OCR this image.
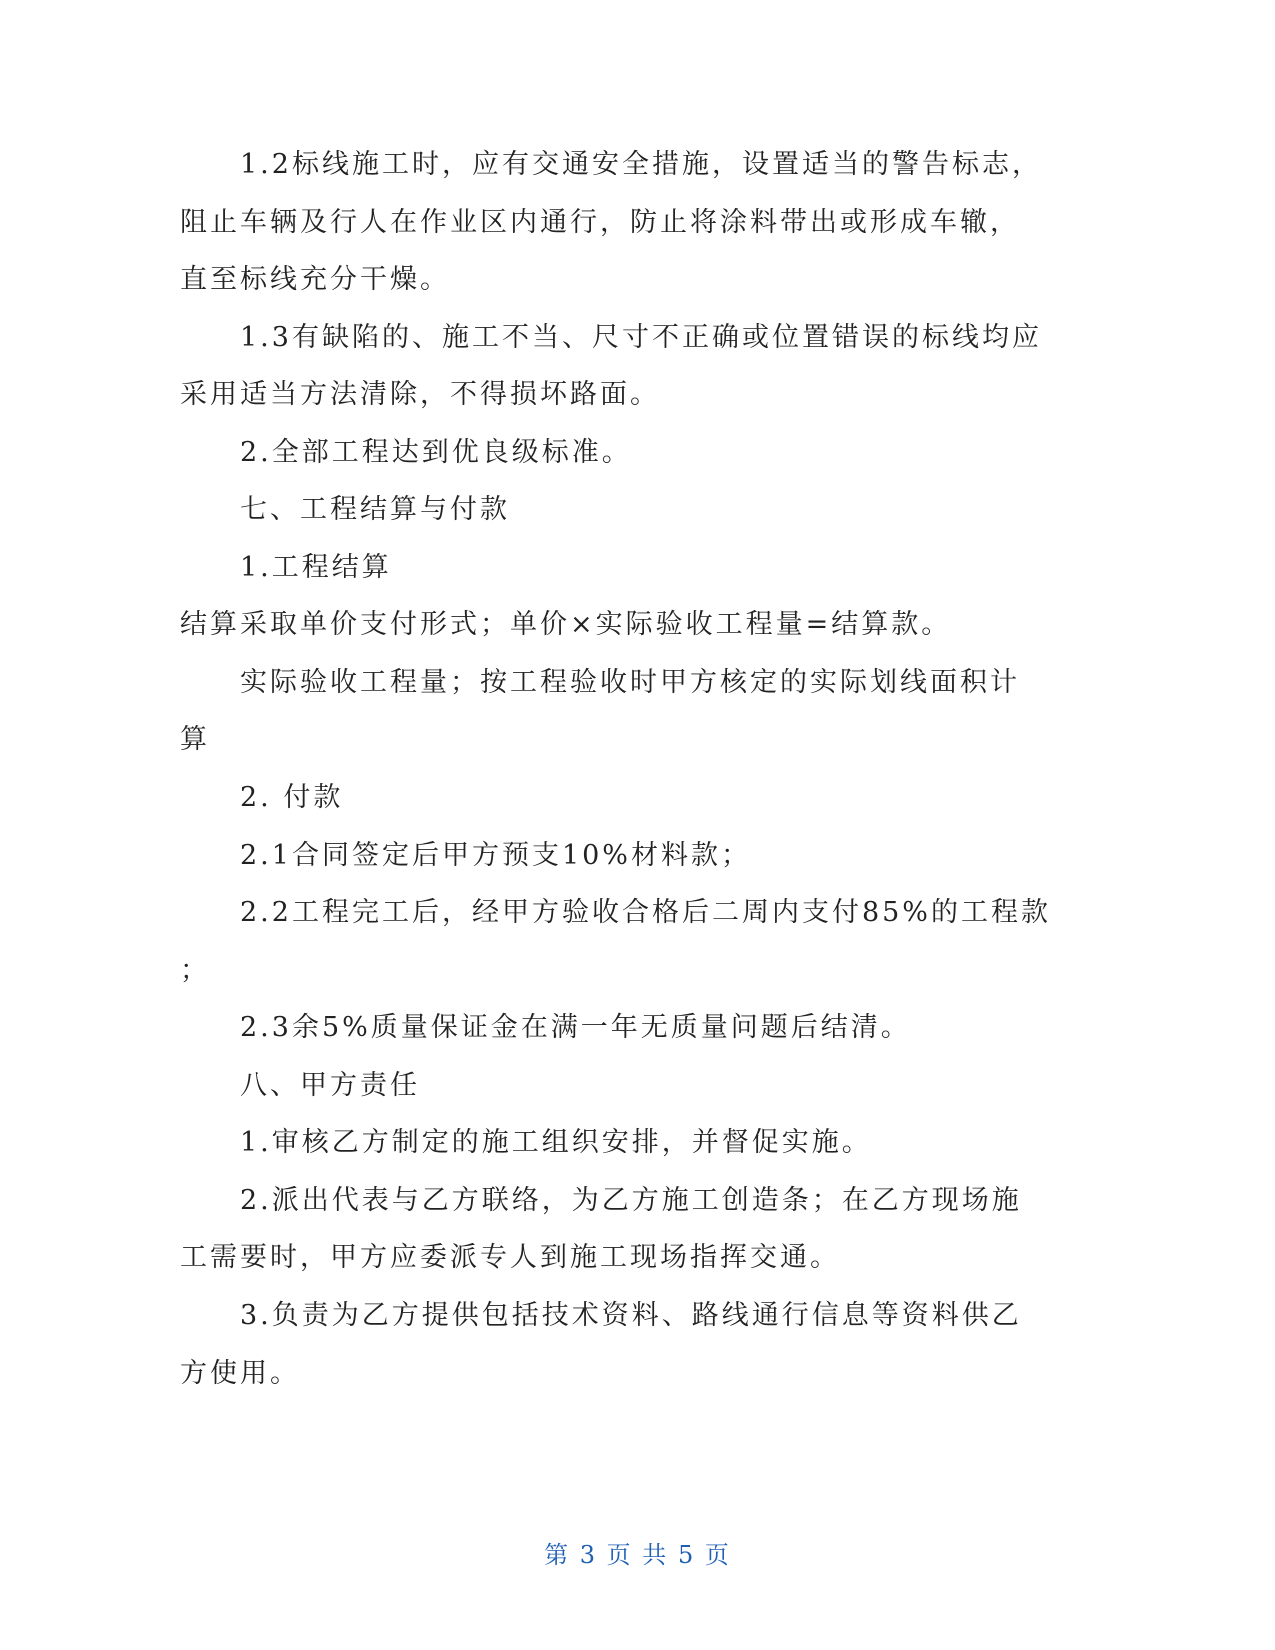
1.2标线施工时，应有交通安全措施，设置适当的警告标志，
阻止车辆及行人在作业区内通行，防止将涂料带出或形成车辙，
直至标线充分干燥。
1.3有缺陷的、施工不当、尺寸不正确或位置错误的标线均应
采用适当方法清除，不得损坏路面。
2.全部工程达到优良级标准。
七、工程结算与付款
1.工程结算
结算采取单价支付形式；单价×实际验收工程量=结算款。
实际验收工程量；按工程验收时甲方核定的实际划线面积计
算
2. 付款
2.1合同签定后甲方预支10%材料款；
2.2工程完工后，经甲方验收合格后二周内支付85%的工程款
；
2.3余5%质量保证金在满一年无质量问题后结清。
八、甲方责任
1.审核乙方制定的施工组织安排，并督促实施。
2.派出代表与乙方联络，为乙方施工创造条；在乙方现场施
工需要时，甲方应委派专人到施工现场指挥交通。
3.负责为乙方提供包括技术资料、路线通行信息等资料供乙
方使用。
第 3 页 共 5 页
